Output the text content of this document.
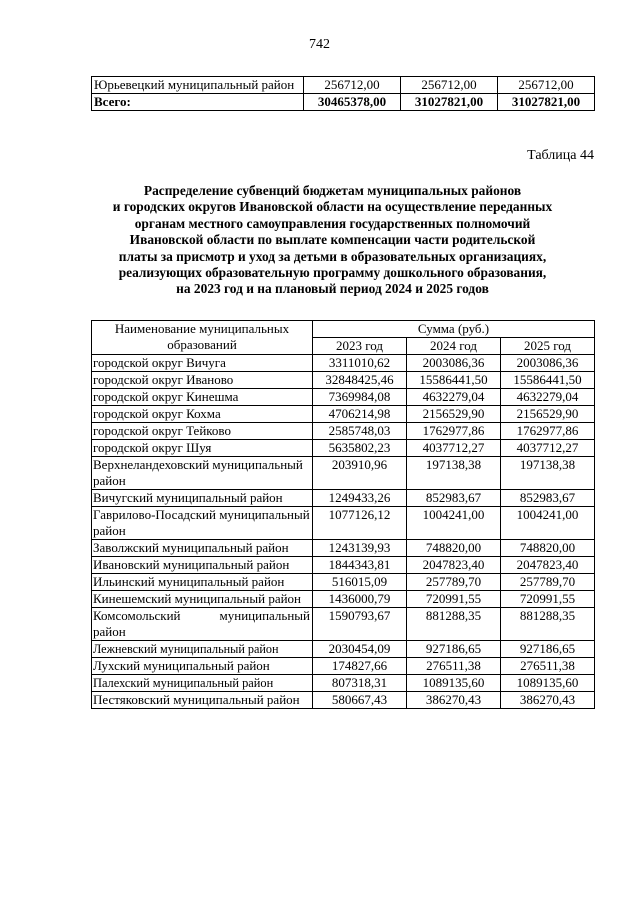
742
Юрьевецкий муниципальный район	256712,00	256712,00	256712,00
Всего:	30465378,00	31027821,00	31027821,00
Таблица 44
Распределение субвенций бюджетам муниципальных районов
и городских округов Ивановской области на осуществление переданных
органам местного самоуправления государственных полномочий
Ивановской области по выплате компенсации части родительской
платы за присмотр и уход за детьми в образовательных организациях,
реализующих образовательную программу дошкольного образования,
на 2023 год и на плановый период 2024 и 2025 годов
Наименование муниципальных образований	Сумма (руб.)		
	2023 год	2024 год	2025 год
городской округ Вичуга	3311010,62	2003086,36	2003086,36
городской округ Иваново	32848425,46	15586441,50	15586441,50
городской округ Кинешма	7369984,08	4632279,04	4632279,04
городской округ Кохма	4706214,98	2156529,90	2156529,90
городской округ Тейково	2585748,03	1762977,86	1762977,86
городской округ Шуя	5635802,23	4037712,27	4037712,27
Верхнеландеховский муниципальный район	203910,96	197138,38	197138,38
Вичугский муниципальный район	1249433,26	852983,67	852983,67
Гаврилово-Посадский муниципальный район	1077126,12	1004241,00	1004241,00
Заволжский муниципальный район	1243139,93	748820,00	748820,00
Ивановский муниципальный район	1844343,81	2047823,40	2047823,40
Ильинский муниципальный район	516015,09	257789,70	257789,70
Кинешемский муниципальный район	1436000,79	720991,55	720991,55
Комсомольский муниципальный район	1590793,67	881288,35	881288,35
Лежневский муниципальный район	2030454,09	927186,65	927186,65
Лухский муниципальный район	174827,66	276511,38	276511,38
Палехский муниципальный район	807318,31	1089135,60	1089135,60
Пестяковский муниципальный район	580667,43	386270,43	386270,43
